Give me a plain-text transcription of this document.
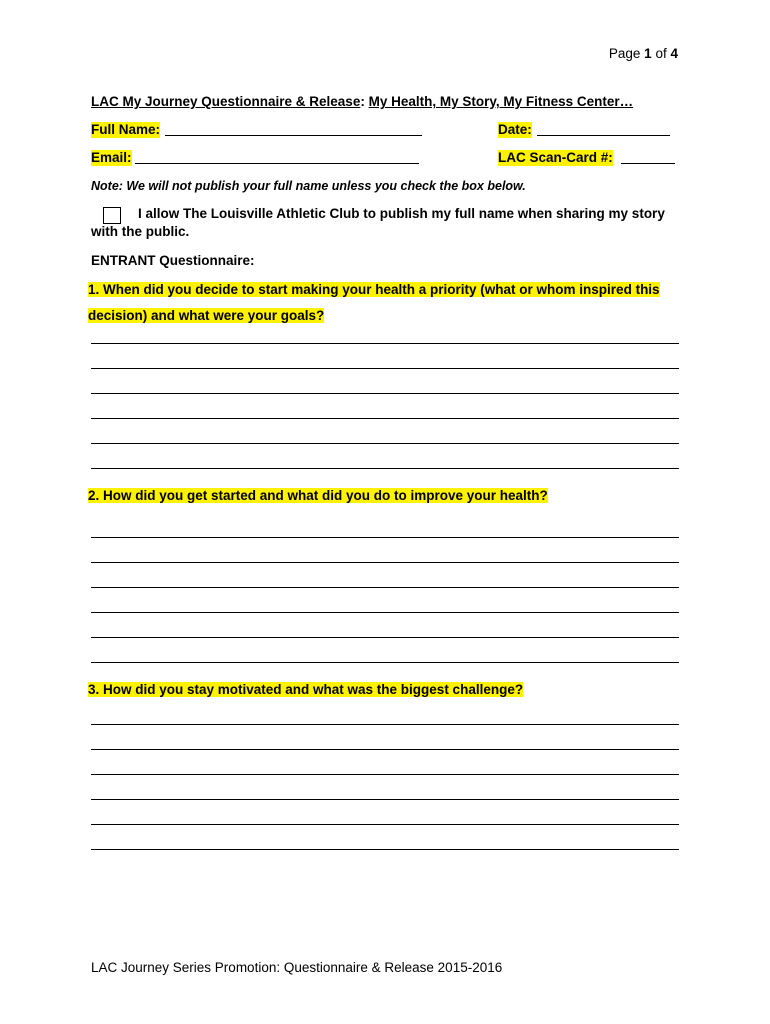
Page 1 of 4
LAC My Journey Questionnaire & Release: My Health, My Story, My Fitness Center…
Full Name:	Date:
Email:	LAC Scan-Card #:
Note: We will not publish your full name unless you check the box below.
I allow The Louisville Athletic Club to publish my full name when sharing my story
with the public.
ENTRANT Questionnaire:
1. When did you decide to start making your health a priority (what or whom inspired this
decision) and what were your goals?
2. How did you get started and what did you do to improve your health?
3. How did you stay motivated and what was the biggest challenge?
LAC Journey Series Promotion: Questionnaire & Release 2015-2016
